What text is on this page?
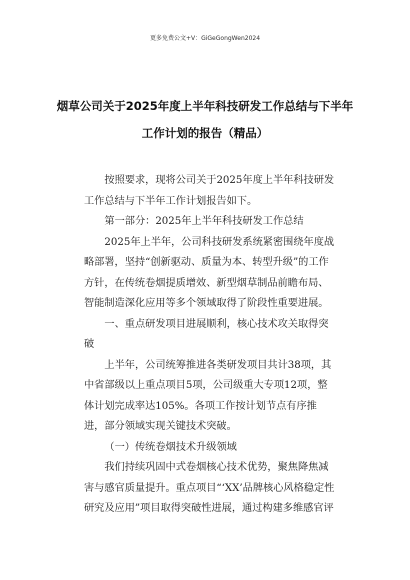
更多免费公文+V：GiGeGongWen2024
烟草公司关于2025年度上半年科技研发工作总结与下半年
工作计划的报告（精品）

按照要求，现将公司关于2025年度上半年科技研发工作总结与下半年工作计划报告如下。

第一部分：2025年上半年科技研发工作总结

2025年上半年，公司科技研发系统紧密围绕年度战略部署，坚持“创新驱动、质量为本、转型升级”的工作方针，在传统卷烟提质增效、新型烟草制品前瞻布局、智能制造深化应用等多个领域取得了阶段性重要进展。

一、重点研发项目进展顺利，核心技术攻关取得突破

上半年，公司统筹推进各类研发项目共计38项，其中省部级以上重点项目5项，公司级重大专项12项，整体计划完成率达105%。各项工作按计划节点有序推进，部分领域实现关键技术突破。

（一）传统卷烟技术升级领域

我们持续巩固中式卷烟核心技术优势，聚焦降焦减害与感官质量提升。重点项目“‘XX’品牌核心风格稳定性研究及应用”项目取得突破性进展，通过构建多维感官评
